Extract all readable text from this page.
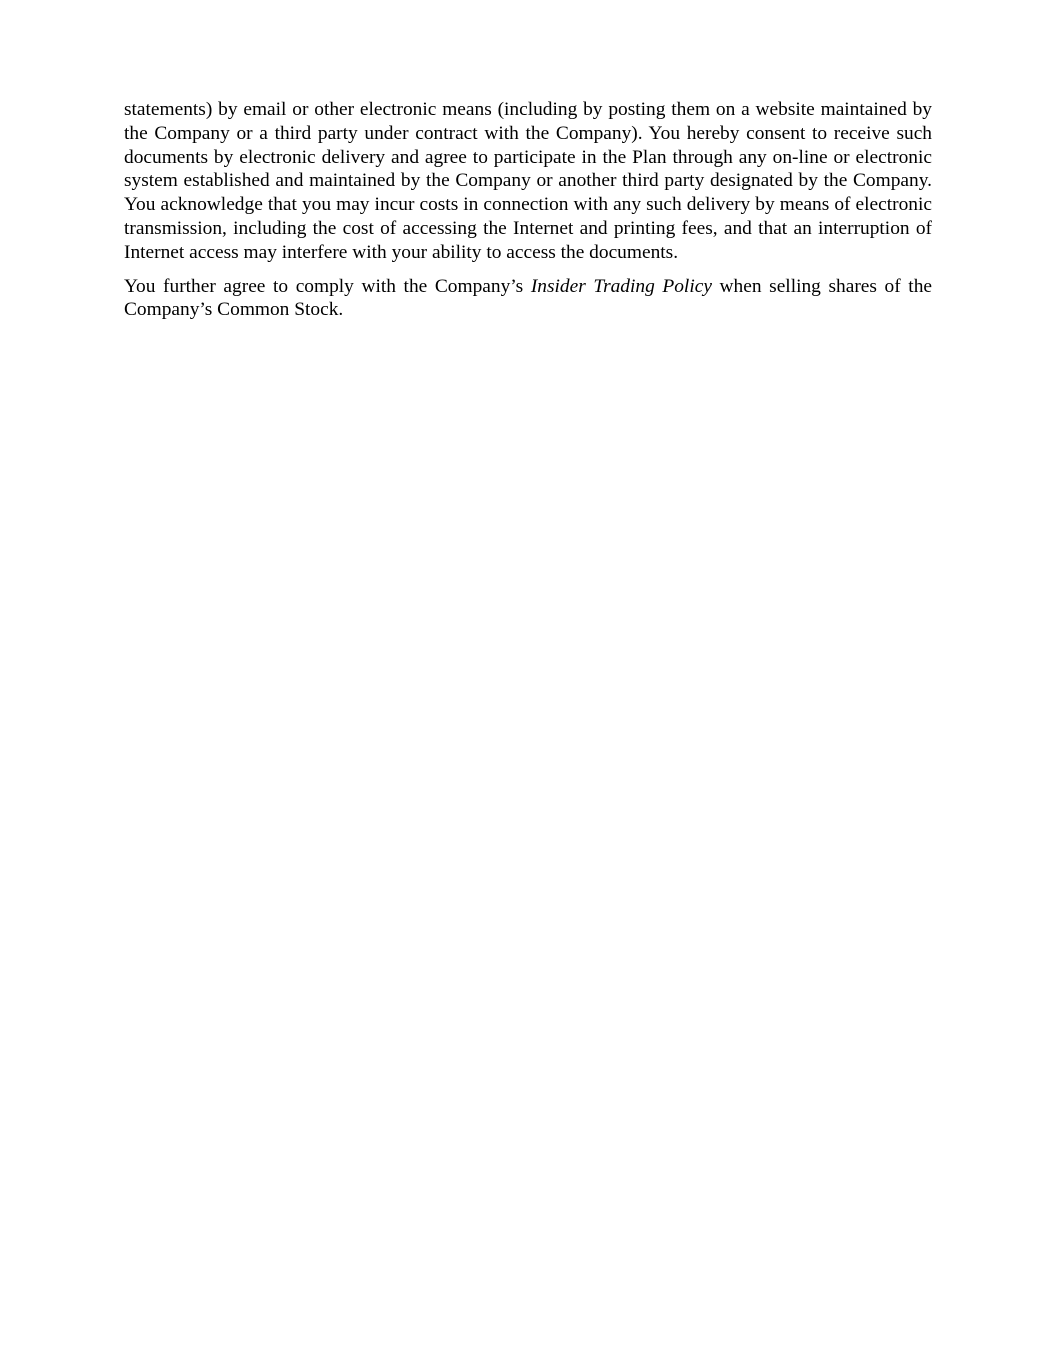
statements) by email or other electronic means (including by posting them on a website maintained by the Company or a third party under contract with the Company). You hereby consent to receive such documents by electronic delivery and agree to participate in the Plan through any on-line or electronic system established and maintained by the Company or another third party designated by the Company. You acknowledge that you may incur costs in connection with any such delivery by means of electronic transmission, including the cost of accessing the Internet and printing fees, and that an interruption of Internet access may interfere with your ability to access the documents.

You further agree to comply with the Company’s Insider Trading Policy when selling shares of the Company’s Common Stock.
